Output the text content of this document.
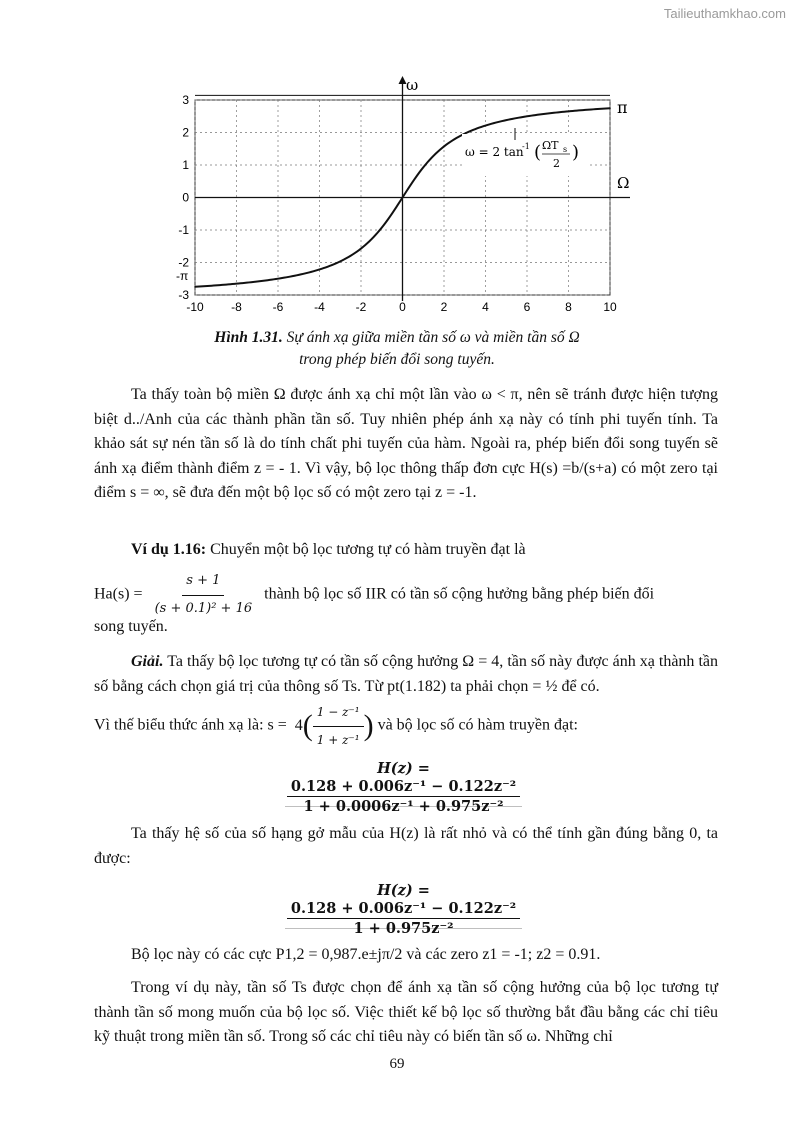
Tailieuthamkhao.com
-10 -8	-6	-4	-2	0	2	4	6	8	10
3
2
1
0
-1
-2
-3
π
ω
Ω
-π
ω = 2 tan
-1 ( ΩT s
2
)
Hình 1.31. Sự ánh xạ giữa miền tần số ω và miền tần số Ω
trong phép biến đổi song tuyến.

Ta thấy toàn bộ miền Ω được ánh xạ chỉ một lần vào ω < π, nên sẽ tránh được hiện tượng biệt d../Anh của các thành phần tần số. Tuy nhiên phép ánh xạ này có tính phi tuyến tính. Ta khảo sát sự nén tần số là do tính chất phi tuyến của hàm. Ngoài ra, phép biến đổi song tuyến sẽ ánh xạ điểm thành điểm z = - 1. Vì vậy, bộ lọc thông thấp đơn cực H(s) =b/(s+a) có một zero tại điểm s = ∞, sẽ đưa đến một bộ lọc số có một zero tại z = -1.

Ví dụ 1.16: Chuyển một bộ lọc tương tự có hàm truyền đạt là

$Ha(s) = \frac{s + 1}{\text{(s + 0.1)² + 16}}$ thành bộ lọc số IIR có tần số cộng hưởng bằng phép biến đổi

song tuyến.

Giải. Ta thấy bộ lọc tương tự có tần số cộng hưởng Ω = 4, tần số này được ánh xạ thành tần số bằng cách chọn giá trị của thông số Ts. Từ pt(1.182) ta phải chọn = ½ để có.

Vì thế biểu thức ánh xạ là: $s = 4( \frac{\text{1 − z⁻¹}}{\text{1 + z⁻¹}}$ ) và bộ lọc số có hàm truyền đạt:
H(z) =
$\frac{\text{0.128 + 0.006z⁻¹ − 0.122z⁻²}}{\text{1 + 0.0006z⁻¹ + 0.975z⁻²}}$

Ta thấy hệ số của số hạng gở mẫu của H(z) là rất nhỏ và có thể tính gần đúng bằng 0, ta được:

H(z) =
$\frac{\text{0.128 + 0.006z⁻¹ − 0.122z⁻²}}{\text{1 + 0.975z⁻²}}$

Bộ lọc này có các cực P1,2 = 0,987.e±jπ/2 và các zero z1 = -1; z2 = 0.91.

Trong ví dụ này, tần số Ts được chọn để ánh xạ tần số cộng hưởng của bộ lọc tương tự thành tần số mong muốn của bộ lọc số. Việc thiết kế bộ lọc số thường bắt đầu bằng các chỉ tiêu kỹ thuật trong miền tần số. Trong số các chỉ tiêu này có biến tần số ω. Những chỉ

69
